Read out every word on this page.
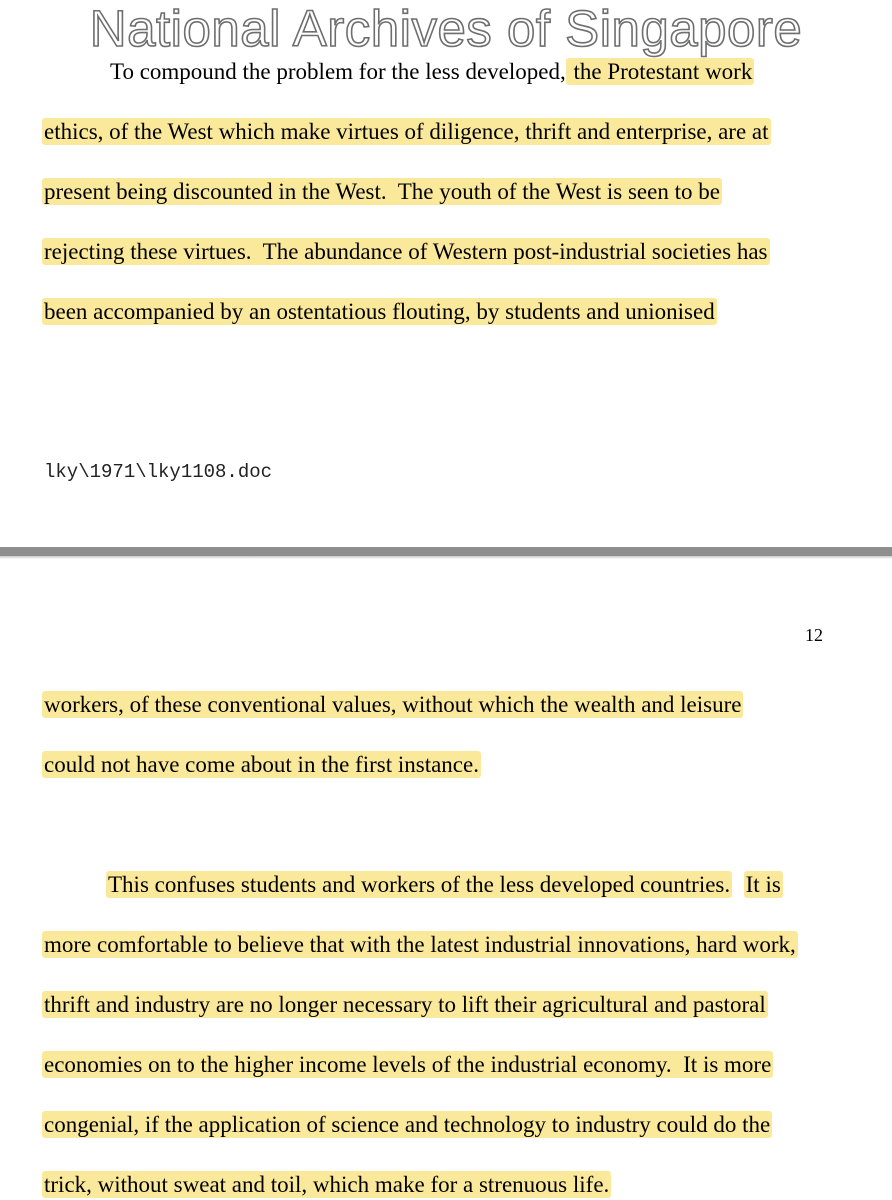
National Archives of Singapore
To compound the problem for the less developed, the Protestant work
ethics, of the West which make virtues of diligence, thrift and enterprise, are at
present being discounted in the West.  The youth of the West is seen to be
rejecting these virtues.  The abundance of Western post-industrial societies has
been accompanied by an ostentatious flouting, by students and unionised
lky\1971\lky1108.doc
12
workers, of these conventional values, without which the wealth and leisure
could not have come about in the first instance.
This confuses students and workers of the less developed countries. It is
more comfortable to believe that with the latest industrial innovations, hard work,
thrift and industry are no longer necessary to lift their agricultural and pastoral
economies on to the higher income levels of the industrial economy.  It is more
congenial, if the application of science and technology to industry could do the
trick, without sweat and toil, which make for a strenuous life.
